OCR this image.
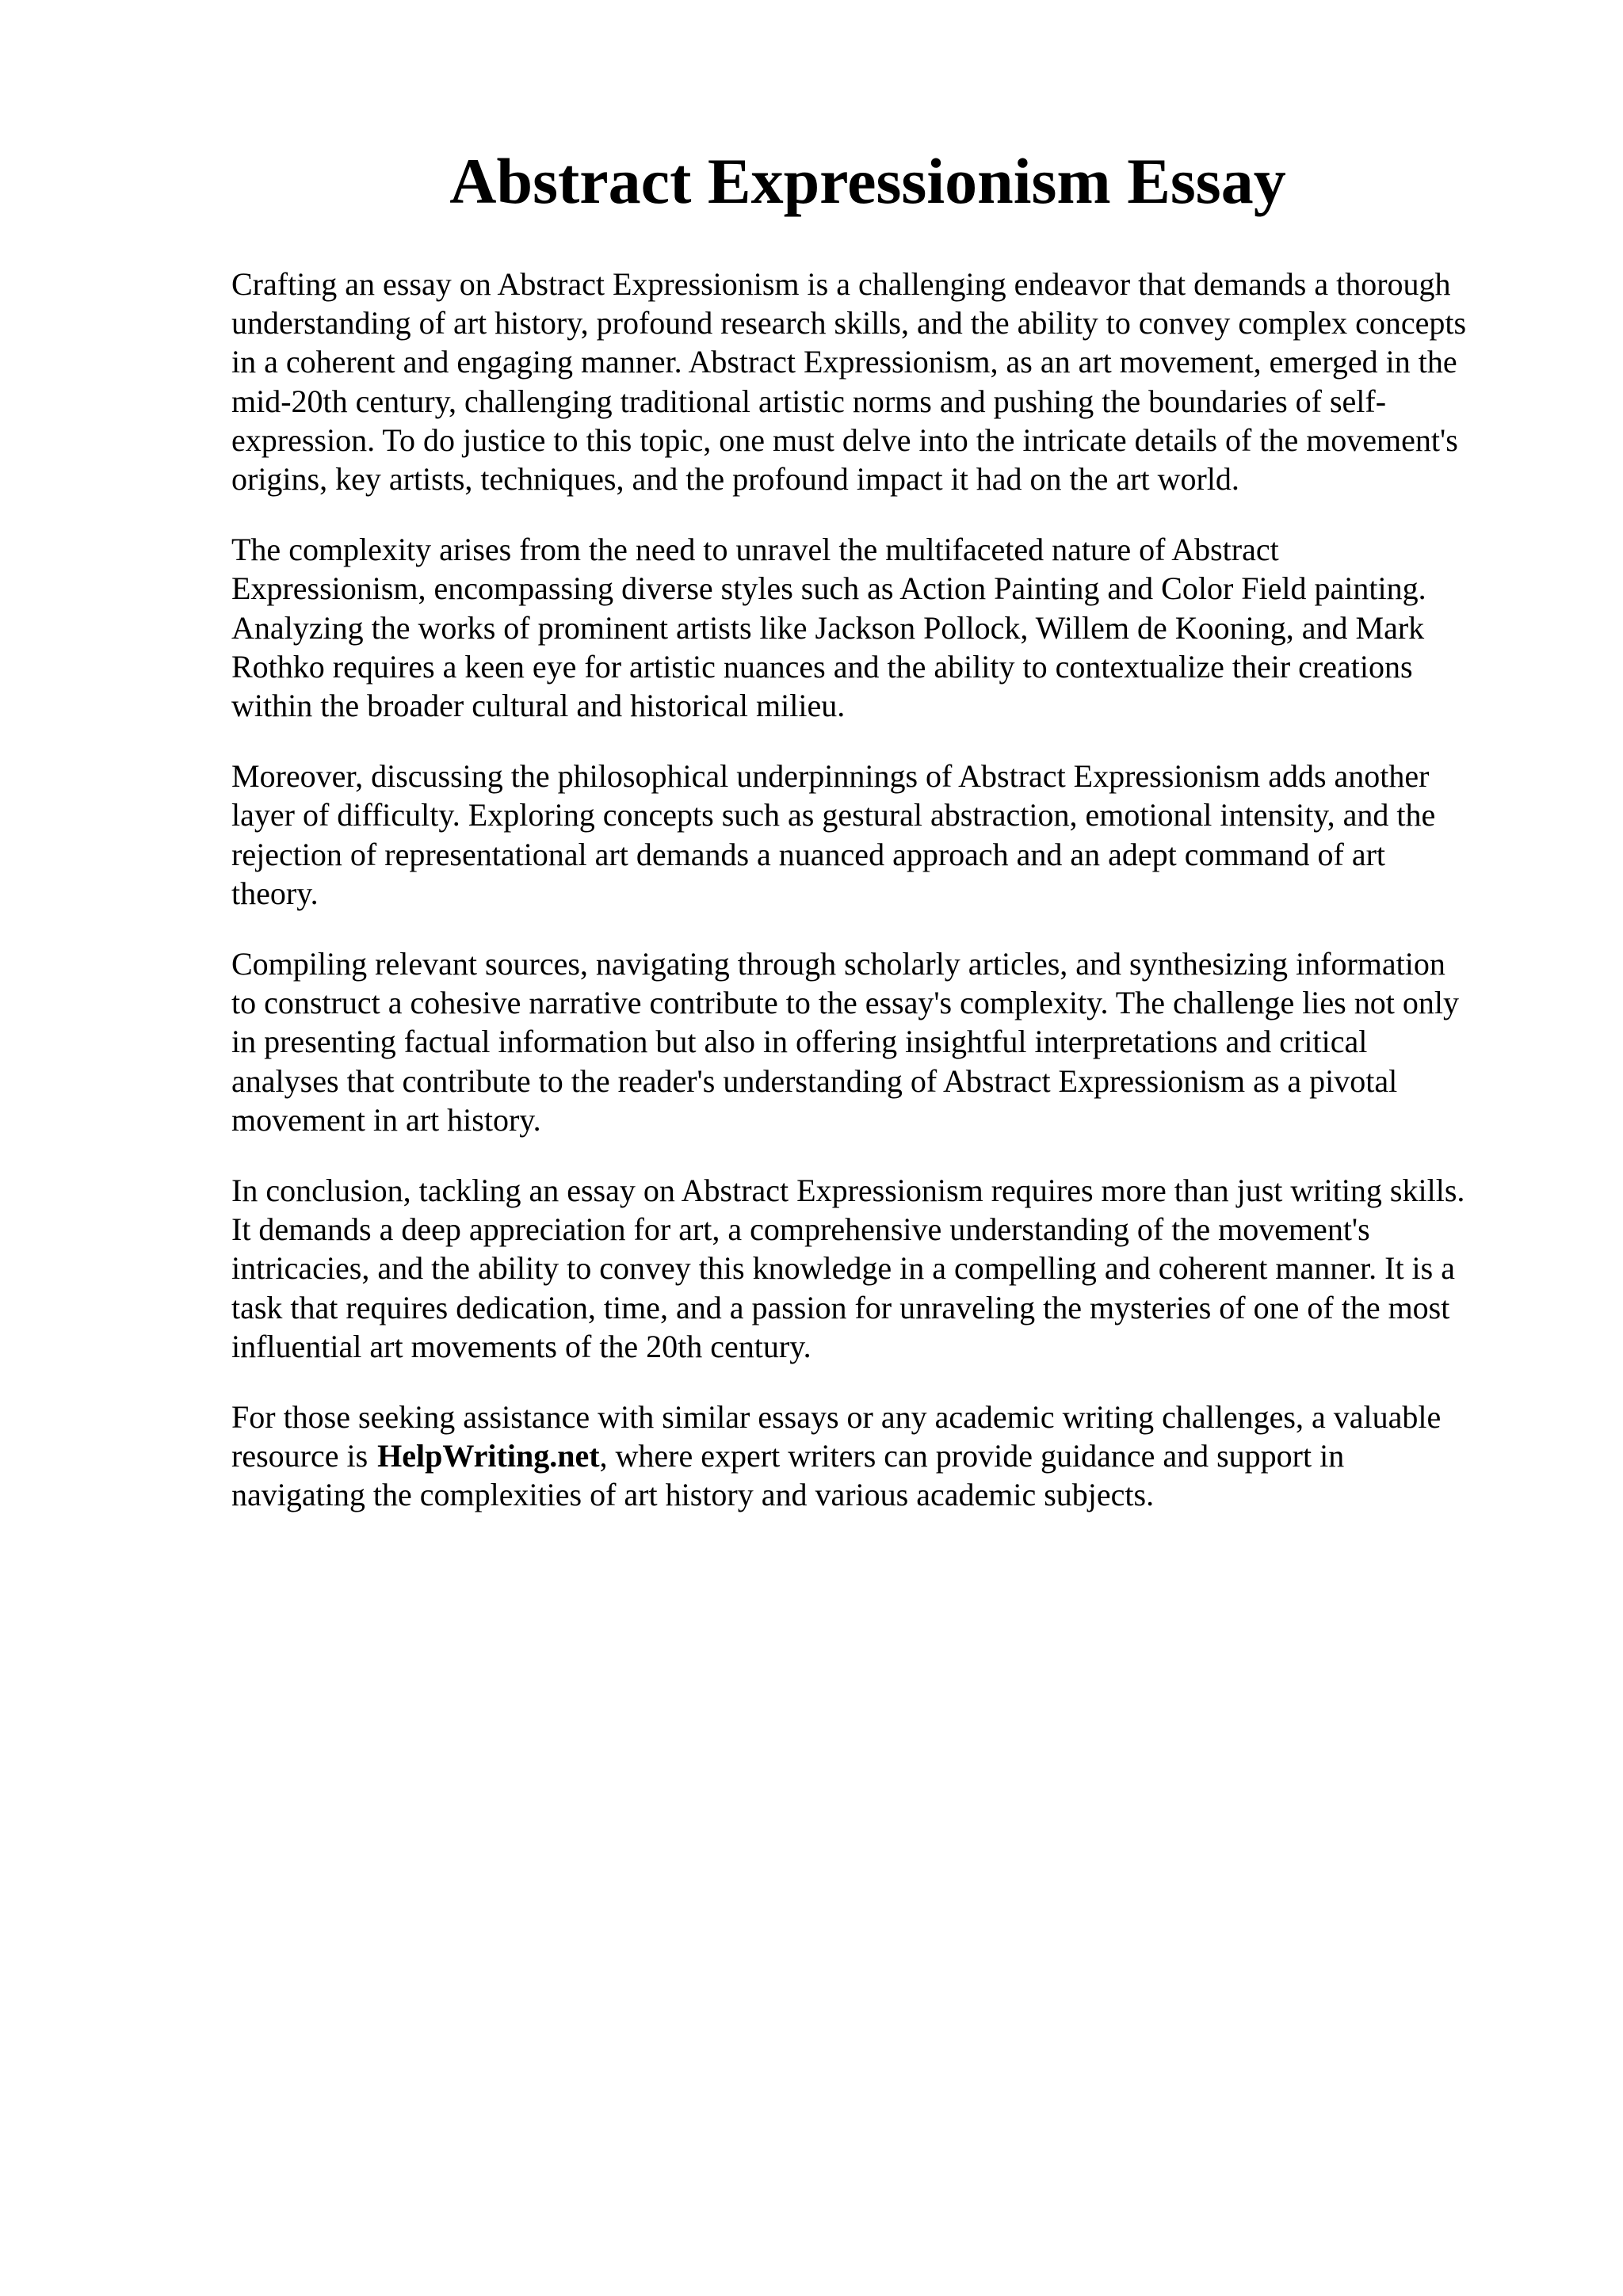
Abstract Expressionism Essay

Crafting an essay on Abstract Expressionism is a challenging endeavor that demands a thorough
understanding of art history, profound research skills, and the ability to convey complex concepts
in a coherent and engaging manner. Abstract Expressionism, as an art movement, emerged in the
mid-20th century, challenging traditional artistic norms and pushing the boundaries of self-
expression. To do justice to this topic, one must delve into the intricate details of the movement's
origins, key artists, techniques, and the profound impact it had on the art world.

The complexity arises from the need to unravel the multifaceted nature of Abstract
Expressionism, encompassing diverse styles such as Action Painting and Color Field painting.
Analyzing the works of prominent artists like Jackson Pollock, Willem de Kooning, and Mark
Rothko requires a keen eye for artistic nuances and the ability to contextualize their creations
within the broader cultural and historical milieu.

Moreover, discussing the philosophical underpinnings of Abstract Expressionism adds another
layer of difficulty. Exploring concepts such as gestural abstraction, emotional intensity, and the
rejection of representational art demands a nuanced approach and an adept command of art
theory.

Compiling relevant sources, navigating through scholarly articles, and synthesizing information
to construct a cohesive narrative contribute to the essay's complexity. The challenge lies not only
in presenting factual information but also in offering insightful interpretations and critical
analyses that contribute to the reader's understanding of Abstract Expressionism as a pivotal
movement in art history.

In conclusion, tackling an essay on Abstract Expressionism requires more than just writing skills.
It demands a deep appreciation for art, a comprehensive understanding of the movement's
intricacies, and the ability to convey this knowledge in a compelling and coherent manner. It is a
task that requires dedication, time, and a passion for unraveling the mysteries of one of the most
influential art movements of the 20th century.

For those seeking assistance with similar essays or any academic writing challenges, a valuable
resource is HelpWriting.net, where expert writers can provide guidance and support in
navigating the complexities of art history and various academic subjects.
